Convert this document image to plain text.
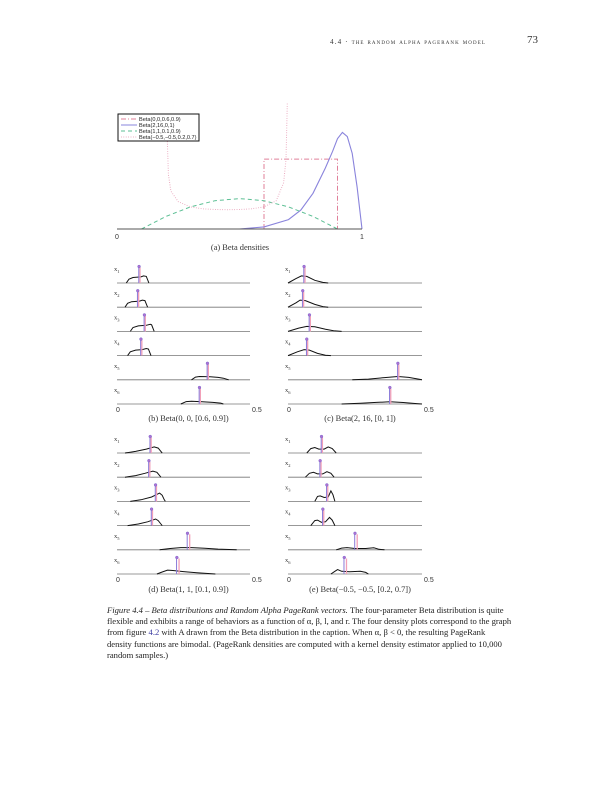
4.4 · the random alpha pagerank model	73
0	1
(a) Beta densities
Beta(0,0,0.6,0.9)
Beta(2,16,0,1)
Beta(1,1,0.1,0.9)
Beta(−0.5,−0.5,0.2,0.7)
$x_1$
$x_2$
$x_3$
$x_4$
$x_5$
$x_6$
0	0.5
(b) Beta(0, 0, [0.6, 0.9])
$x_1$
$x_2$
$x_3$
$x_4$
$x_5$
$x_6$
0	0.5
(c) Beta(2, 16, [0, 1])
$x_1$
$x_2$
$x_3$
$x_4$
$x_5$
$x_6$
0	0.5
(d) Beta(1, 1, [0.1, 0.9])
$x_1$
$x_2$
$x_3$
$x_4$
$x_5$
$x_6$
0	0.5
(e) Beta(−0.5, −0.5, [0.2, 0.7])
Figure 4.4 – Beta distributions and Random Alpha PageRank vectors. The four-parameter Beta distribution is quite flexible and exhibits a range of behaviors as a function of α, β, l, and r. The four density plots correspond to the graph from figure 4.2 with A drawn from the Beta distribution in the caption. When α, β < 0, the resulting PageRank density functions are bimodal. (PageRank densities are computed with a kernel density estimator applied to 10,000 random samples.)
